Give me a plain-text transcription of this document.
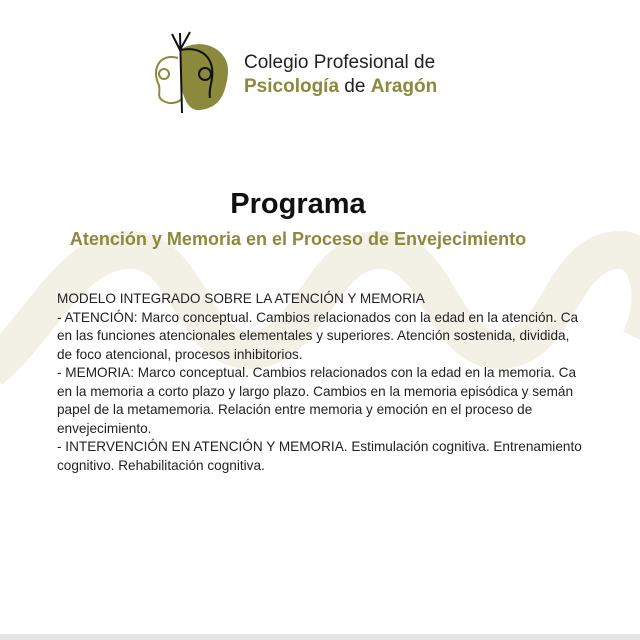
Colegio Profesional de
Psicología de Aragón
Programa
Atención y Memoria en el Proceso de Envejecimiento
MODELO INTEGRADO SOBRE LA ATENCIÓN Y MEMORIA
- ATENCIÓN: Marco conceptual. Cambios relacionados con la edad en la atención. Ca
en las funciones atencionales elementales y superiores. Atención sostenida, dividida,
de foco atencional, procesos inhibitorios.
- MEMORIA: Marco conceptual. Cambios relacionados con la edad en la memoria. Ca
en la memoria a corto plazo y largo plazo. Cambios en la memoria episódica y semán
papel de la metamemoria. Relación entre memoria y emoción en el proceso de
envejecimiento.
- INTERVENCIÓN EN ATENCIÓN Y MEMORIA. Estimulación cognitiva. Entrenamiento
cognitivo. Rehabilitación cognitiva.
